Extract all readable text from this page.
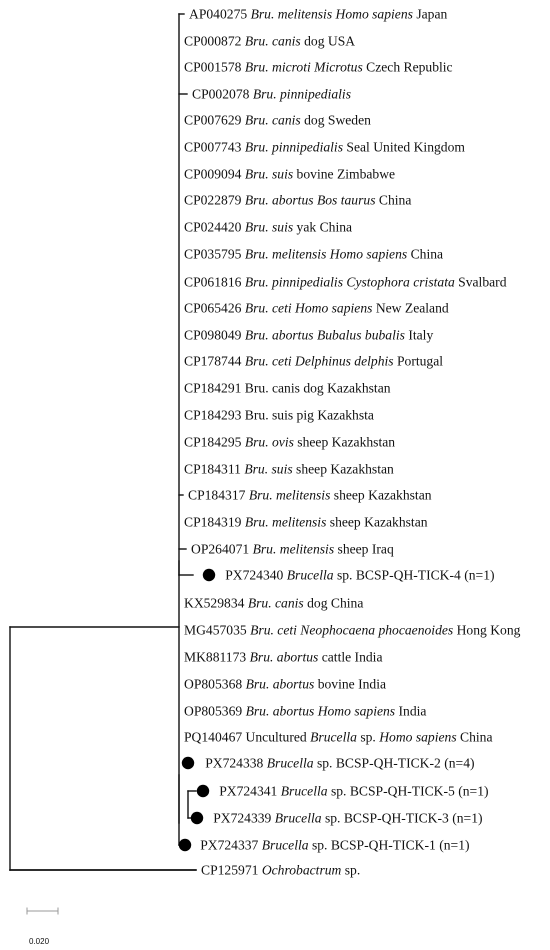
AP040275 Bru. melitensis Homo sapiens Japan
CP000872 Bru. canis dog USA
CP001578 Bru. microti Microtus Czech Republic
CP002078 Bru. pinnipedialis
CP007629 Bru. canis dog Sweden
CP007743 Bru. pinnipedialis Seal United Kingdom
CP009094 Bru. suis bovine Zimbabwe
CP022879 Bru. abortus Bos taurus China
CP024420 Bru. suis yak China
CP035795 Bru. melitensis Homo sapiens China
CP061816 Bru. pinnipedialis Cystophora cristata Svalbard
CP065426 Bru. ceti Homo sapiens New Zealand
CP098049 Bru. abortus Bubalus bubalis Italy
CP178744 Bru. ceti Delphinus delphis Portugal
CP184291 Bru. canis dog Kazakhstan
CP184293 Bru. suis pig Kazakhsta
CP184295 Bru. ovis sheep Kazakhstan
CP184311 Bru. suis sheep Kazakhstan
CP184317 Bru. melitensis sheep Kazakhstan
CP184319 Bru. melitensis sheep Kazakhstan
OP264071 Bru. melitensis sheep Iraq
PX724340 Brucella sp. BCSP-QH-TICK-4 (n=1)
KX529834 Bru. canis dog China
MG457035 Bru. ceti Neophocaena phocaenoides Hong Kong
MK881173 Bru. abortus cattle India
OP805368 Bru. abortus bovine India
OP805369 Bru. abortus Homo sapiens India
PQ140467 Uncultured Brucella sp. Homo sapiens China
PX724338 Brucella sp. BCSP-QH-TICK-2 (n=4)
PX724341 Brucella sp. BCSP-QH-TICK-5 (n=1)
PX724339 Brucella sp. BCSP-QH-TICK-3 (n=1)
PX724337 Brucella sp. BCSP-QH-TICK-1 (n=1)
CP125971 Ochrobactrum sp.
0.020
